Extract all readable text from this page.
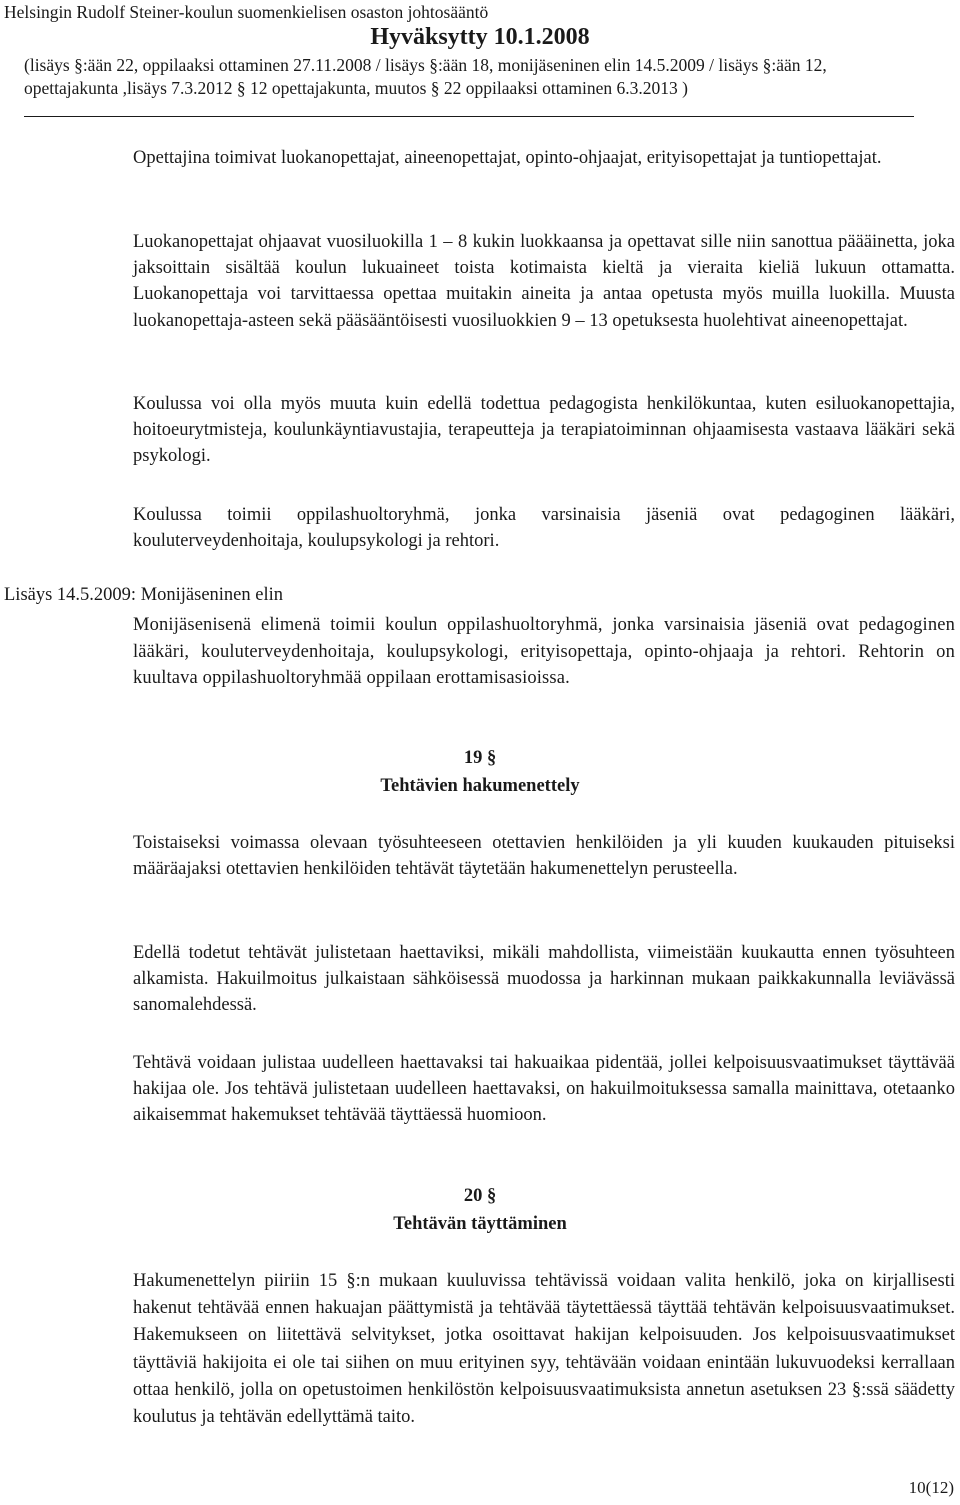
Helsingin Rudolf Steiner-koulun suomenkielisen osaston johtosääntö
Hyväksytty 10.1.2008
(lisäys §:ään 22, oppilaaksi ottaminen 27.11.2008 / lisäys §:ään 18, monijäseninen elin 14.5.2009 / lisäys §:ään 12,
opettajakunta ,lisäys 7.3.2012 § 12 opettajakunta, muutos § 22 oppilaaksi ottaminen 6.3.2013 )

Opettajina toimivat luokanopettajat, aineenopettajat, opinto-ohjaajat, erityisopettajat ja tuntiopettajat.

Luokanopettajat ohjaavat vuosiluokilla 1 – 8 kukin luokkaansa ja opettavat sille niin sanottua päääinetta, joka jaksoittain sisältää koulun lukuaineet toista kotimaista kieltä ja vieraita kieliä lukuun ottamatta. Luokanopettaja voi tarvittaessa opettaa muitakin aineita ja antaa opetusta myös muilla luokilla. Muusta luokanopettaja-asteen sekä pääsääntöisesti vuosiluokkien 9 – 13 opetuksesta huolehtivat aineenopettajat.

Koulussa voi olla myös muuta kuin edellä todettua pedagogista henkilökuntaa, kuten esiluokanopettajia, hoitoeurytmisteja, koulunkäyntiavustajia, terapeutteja ja terapiatoiminnan ohjaamisesta vastaava lääkäri sekä psykologi.

Koulussa toimii oppilashuoltoryhmä, jonka varsinaisia jäseniä ovat pedagoginen lääkäri, kouluterveydenhoitaja, koulupsykologi ja rehtori.

Lisäys 14.5.2009: Monijäseninen elin

Monijäsenisenä elimenä toimii koulun oppilashuoltoryhmä, jonka varsinaisia jäseniä ovat pedagoginen lääkäri, kouluterveydenhoitaja, koulupsykologi, erityisopettaja, opinto-ohjaaja ja rehtori. Rehtorin on kuultava oppilashuoltoryhmää oppilaan erottamisasioissa.

19 §
Tehtävien hakumenettely

Toistaiseksi voimassa olevaan työsuhteeseen otettavien henkilöiden ja yli kuuden kuukauden pituiseksi määräajaksi otettavien henkilöiden tehtävät täytetään hakumenettelyn perusteella.

Edellä todetut tehtävät julistetaan haettaviksi, mikäli mahdollista, viimeistään kuukautta ennen työsuhteen alkamista. Hakuilmoitus julkaistaan sähköisessä muodossa ja harkinnan mukaan paikkakunnalla leviävässä sanomalehdessä.

Tehtävä voidaan julistaa uudelleen haettavaksi tai hakuaikaa pidentää, jollei kelpoisuusvaatimukset täyttävää hakijaa ole. Jos tehtävä julistetaan uudelleen haettavaksi, on hakuilmoituksessa samalla mainittava, otetaanko aikaisemmat hakemukset tehtävää täyttäessä huomioon.

20 §
Tehtävän täyttäminen

Hakumenettelyn piiriin 15 §:n mukaan kuuluvissa tehtävissä voidaan valita henkilö, joka on kirjallisesti hakenut tehtävää ennen hakuajan päättymistä ja tehtävää täytettäessä täyttää tehtävän kelpoisuusvaatimukset. Hakemukseen on liitettävä selvitykset, jotka osoittavat hakijan kelpoisuuden. Jos kelpoisuusvaatimukset täyttäviä hakijoita ei ole tai siihen on muu erityinen syy, tehtävään voidaan enintään lukuvuodeksi kerrallaan ottaa henkilö, jolla on opetustoimen henkilöstön kelpoisuusvaatimuksista annetun asetuksen 23 §:ssä säädetty koulutus ja tehtävän edellyttämä taito.

10(12)
